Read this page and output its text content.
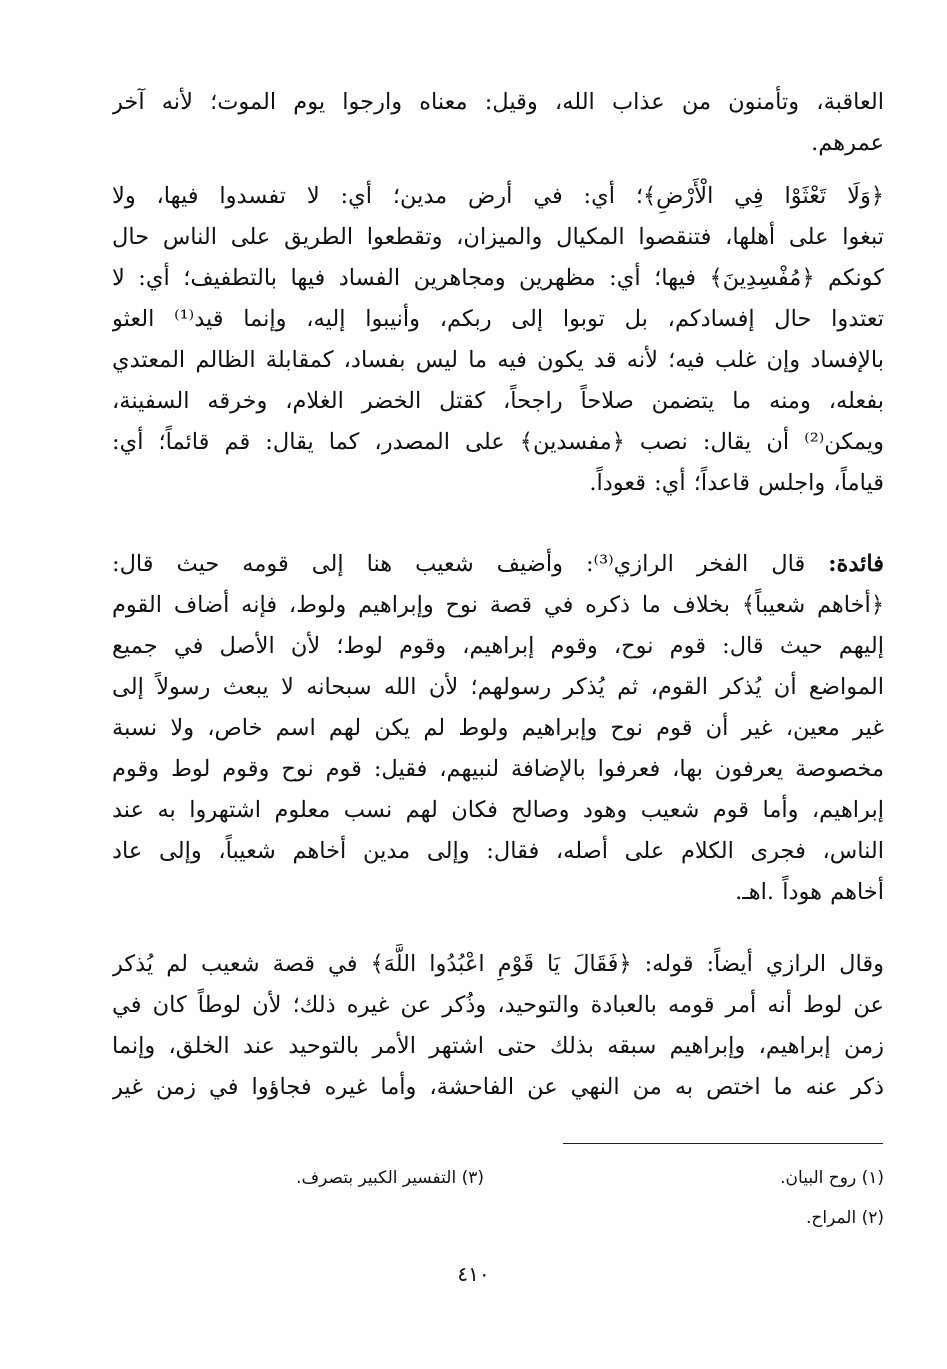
العاقبة، وتأمنون من عذاب الله، وقيل: معناه وارجوا يوم الموت؛ لأنه آخر
عمرهم.
﴿وَلَا تَعْثَوْا فِي الْأَرْضِ﴾؛ أي: في أرض مدين؛ أي: لا تفسدوا فيها، ولا
تبغوا على أهلها، فتنقصوا المكيال والميزان، وتقطعوا الطريق على الناس حال
كونكم ﴿مُفْسِدِينَ﴾ فيها؛ أي: مظهرين ومجاهرين الفساد فيها بالتطفيف؛ أي: لا
تعتدوا حال إفسادكم، بل توبوا إلى ربكم، وأنيبوا إليه، وإنما قيد⁽¹⁾ العثو
بالإفساد وإن غلب فيه؛ لأنه قد يكون فيه ما ليس بفساد، كمقابلة الظالم المعتدي
بفعله، ومنه ما يتضمن صلاحاً راجحاً، كقتل الخضر الغلام، وخرقه السفينة،
ويمكن⁽²⁾ أن يقال: نصب ﴿مفسدين﴾ على المصدر، كما يقال: قم قائماً؛ أي:
قياماً، واجلس قاعداً؛ أي: قعوداً.
فائدة: قال الفخر الرازي⁽³⁾: وأضيف شعيب هنا إلى قومه حيث قال:
﴿أخاهم شعيباً﴾ بخلاف ما ذكره في قصة نوح وإبراهيم ولوط، فإنه أضاف القوم
إليهم حيث قال: قوم نوح، وقوم إبراهيم، وقوم لوط؛ لأن الأصل في جميع
المواضع أن يُذكر القوم، ثم يُذكر رسولهم؛ لأن الله سبحانه لا يبعث رسولاً إلى
غير معين، غير أن قوم نوح وإبراهيم ولوط لم يكن لهم اسم خاص، ولا نسبة
مخصوصة يعرفون بها، فعرفوا بالإضافة لنبيهم، فقيل: قوم نوح وقوم لوط وقوم
إبراهيم، وأما قوم شعيب وهود وصالح فكان لهم نسب معلوم اشتهروا به عند
الناس، فجرى الكلام على أصله، فقال: وإلى مدين أخاهم شعيباً، وإلى عاد
أخاهم هوداً .اهـ.
وقال الرازي أيضاً: قوله: ﴿فَقَالَ يَا قَوْمِ اعْبُدُوا اللَّهَ﴾ في قصة شعيب لم يُذكر
عن لوط أنه أمر قومه بالعبادة والتوحيد، وذُكر عن غيره ذلك؛ لأن لوطاً كان في
زمن إبراهيم، وإبراهيم سبقه بذلك حتى اشتهر الأمر بالتوحيد عند الخلق، وإنما
ذكر عنه ما اختص به من النهي عن الفاحشة، وأما غيره فجاؤوا في زمن غير
(١) روح البيان.
(٣) التفسير الكبير بتصرف.
(٢) المراح.
٤١٠
